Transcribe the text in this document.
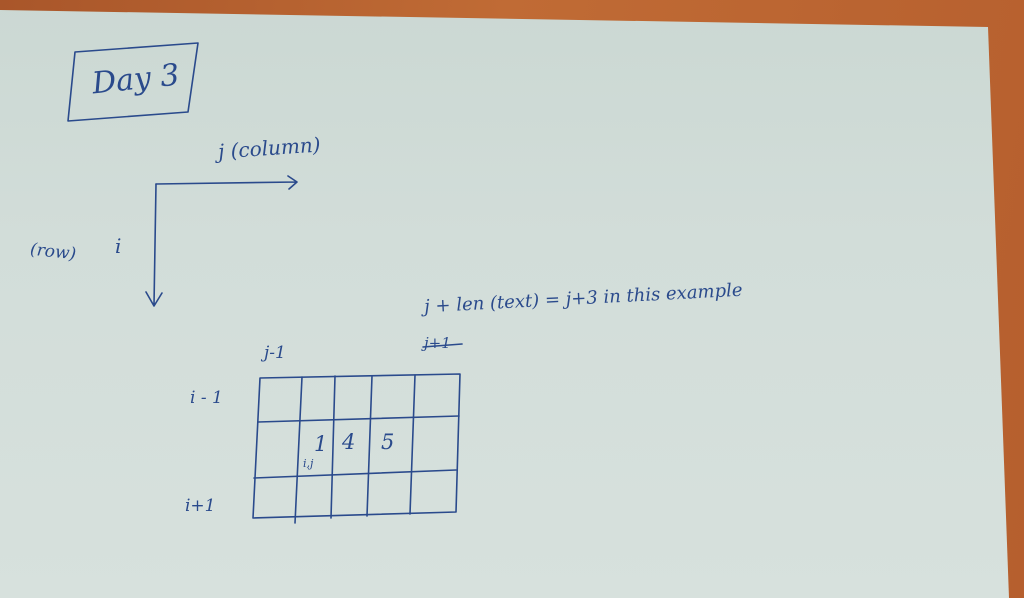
Day 3
j (column)
(row) i
j + len (text) = j+3 in this example
j-1	j+1
i - 1
i+1
1 4 5
i,j
